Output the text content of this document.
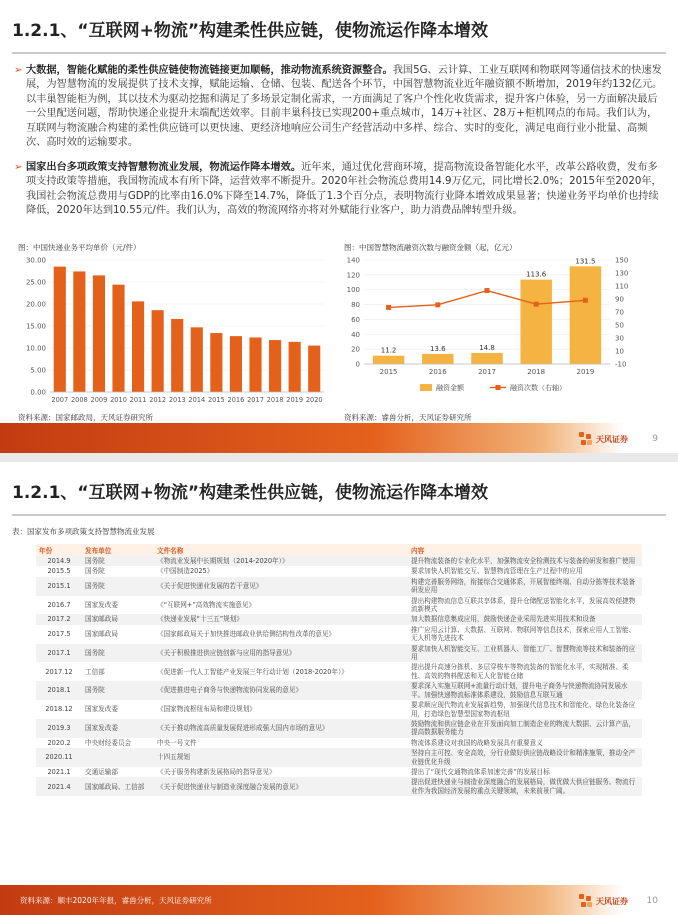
1.2.1、“互联网+物流”构建柔性供应链，使物流运作降本增效
➢ 大数据，智能化赋能的柔性供应链使物流链接更加顺畅，推动物流系统资源整合。我国5G、云计算、工业互联网和物联网等通信技术的快速发展，为智慧物流的发展提供了技术支撑，赋能运输、仓储、包装、配送各个环节，中国智慧物流业近年融资额不断增加，2019年约132亿元。以丰巢智能柜为例，其以技术为驱动挖掘和满足了多场景定制化需求，一方面满足了客户个性化收货需求，提升客户体验，另一方面解决最后一公里配送问题，帮助快递企业提升末端配送效率。目前丰巢科技已实现200+重点城市，14万+社区、28万+柜机网点的布局。我们认为，互联网与物流融合构建的柔性供应链可以更快速、更经济地响应公司生产经营活动中多样、综合、实时的变化，满足电商行业小批量、高频次、高时效的运输要求。
➢ 国家出台多项政策支持智慧物流业发展，物流运作降本增效。近年来，通过优化营商环境，提高物流设备智能化水平，改革公路收费，发布多项支持政策等措施，我国物流成本有所下降，运营效率不断提升。2020年社会物流总费用14.9万亿元，同比增长2.0%；2015年至2020年，我国社会物流总费用与GDP的比率由16.0%下降至14.7%，降低了1.3个百分点，表明物流行业降本增效成果显著；快递业务平均单价也持续降低，2020年达到10.55元/件。我们认为，高效的物流网络亦将对外赋能行业客户，助力消费品牌转型升级。
图：中国快递业务平均单价（元/件）	图：中国智慧物流融资次数与融资金额（起，亿元）
0.00
5.00
10.00
15.00
20.00
25.00
30.00
2007 2008 2009 2010 2011 2012 2013 2014 2015 2016 2017 2018 2019 2020
0
20
40
60
80
100
120
140
-10
10
30
50
70
90
110
130
150
11.2
2015
13.6
2016
14.8
2017
113.6
2018
131.5
2019
融资金额	融资次数（右轴）
资料来源：国家邮政局，天风证券研究所	资料来源：睿兽分析，天风证券研究所
天风证券	9
1.2.1、“互联网+物流”构建柔性供应链，使物流运作降本增效
表：国家发布多项政策支持智慧物流业发展
年份	发布单位	文件名称	内容
2014.9	国务院	《物流业发展中长期规划（2014-2020年）》	提升物流装备的专业化水平，加强物流安全检测技术与装备的研发和推广使用
2015.5	国务院	《中国制造2025》	要求加快人机智能交互、智慧物流管理在生产过程中的应用
2015.1	国务院	《关于促进快递业发展的若干意见》	构建完善服务网络，衔接综合交通体系，开展智能终端、自动分拣等技术装备研发应用
2016.7	国家发改委	《“互联网+”高效物流实施意见》	提出构建物流信息互联共享体系，提升仓储配送智能化水平，发展高效便捷物流新模式
2017.2	国家邮政局	《快递业发展“十三五”规划》	加大数据信息集成应用，鼓励快递企业采用先进实用技术和设备
2017.5	国家邮政局	《国家邮政局关于加快推进邮政业供给侧结构性改革的意见》	推广应用云计算、大数据、互联网、物联网等信息技术，探索应用人工智能、无人机等先进技术
2017.1	国务院	《关于积极推进供应链创新与应用的指导意见》	要求加快人机智能交互、工业机器人、智能工厂、智慧物流等技术和装备的应用
2017.12	工信部	《促进新一代人工智能产业发展三年行动计划（2018-2020年）》	提出提升高速分拣机、多层穿梭车等物流装备的智能化水平，实现精准、柔性、高效的物料配送和无人化智能仓储
2018.1	国务院	《促进推进电子商务与快递物流协同发展的意见》	要求深入实施互联网+流量行动计划，提升电子商务与快递物流协同发展水平。加强快递物流标准体系建设，鼓励信息互联互通
2018.12	国家发改委	《国家物流枢纽布局和建设规划》	要求顺应现代物流业发展新趋势，加强现代信息技术和智能化、绿色化装备应用，打造绿色智慧型国家物流枢纽
2019.3	国家发改委	《关于推动物流高质量发展促进形成强大国内市场的意见》	鼓励物流和供应链企业在开发面向加工制造企业的物流大数据、云计算产品，提高数据服务能力
2020.2	中央财经委员会	中央一号文件	物流体系建设对我国的战略发展具有重要意义
2020.11		十四五规划	坚持自主可控、安全高效，分行业做好供应链战略设计和精准施策，推动全产业链优化升级
2021.1	交通运输部	《关于服务构建新发展格局的指导意见》	提出了“现代交通物流体系加速完善”的发展目标
2021.4	国家邮政局、工信部	《关于促进快递业与制造业深度融合发展的意见》	提出促进快递业与制造业深度融合的发展格局，做优做大供应链服务。物流行业作为我国经济发展的重点关键领域，未来前景广阔。
资料来源：顺丰2020年年报，睿兽分析，天风证券研究所	天风证券 10
